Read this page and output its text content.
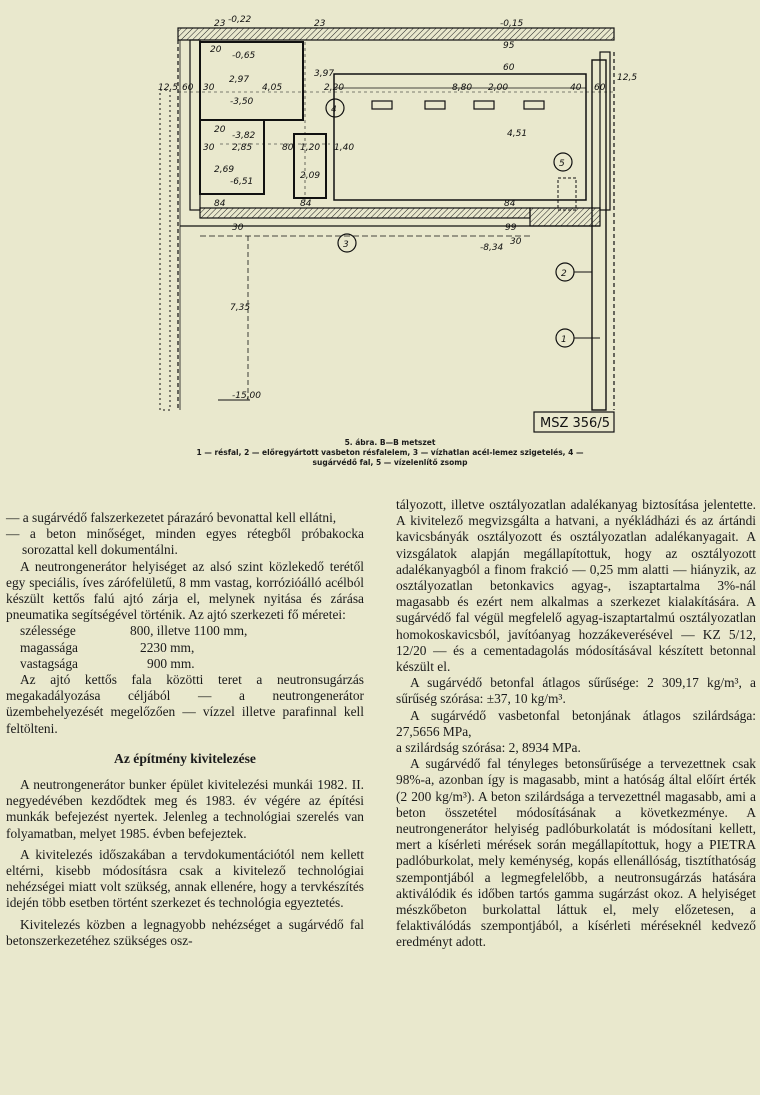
1
2
3
4
5
23 -0,22	23	-0,15
95
20
-0,65
60
12,5
12,5
60 30
2,97
4,05
3,97
2,20	8,80 2,00	40 60
-3,50
20
-3,82
30 2,85	80 1,20 1,40
4,51
2,69
-6,51
2,09
84	84	84
30	99
-8,34
30
7,35
-15,00
MSZ 356/5
5. ábra. B—B metszet
1 — résfal, 2 — előregyártott vasbeton résfalelem, 3 — vízhatlan acél-lemez szigetelés, 4 — sugárvédő fal, 5 — vízelenlítő zsomp

— a sugárvédő falszerkezetet párazáró bevonattal kell ellátni,

— a beton minőséget, minden egyes rétegből próbakocka sorozattal kell dokumentálni.

A neutrongenerátor helyiséget az alsó szint közlekedő terétől egy speciális, íves zárófelületű, 8 mm vastag, korrózióálló acélból készült kettős falú ajtó zárja el, melynek nyitása és zárása pneumatika segítségével történik. Az ajtó szerkezeti fő méretei:

szélessége	800, illetve 1100 mm,
magassága	2230 mm,
vastagsága	900 mm.

Az ajtó kettős fala közötti teret a neutronsugárzás megakadályozása céljából — a neutrongenerátor üzembehelyezését megelőzően — vízzel illetve parafinnal kell feltölteni.

Az építmény kivitelezése

A neutrongenerátor bunker épület kivitelezési munkái 1982. II. negyedévében kezdődtek meg és 1983. év végére az építési munkák befejezést nyertek. Jelenleg a technológiai szerelés van folyamatban, melyet 1985. évben befejeztek.

A kivitelezés időszakában a tervdokumentációtól nem kellett eltérni, kisebb módosításra csak a kivitelező technológiai nehézségei miatt volt szükség, annak ellenére, hogy a tervkészítés idején több esetben történt szerkezet és technológia egyeztetés.

Kivitelezés közben a legnagyobb nehézséget a sugárvédő fal betonszerkezetéhez szükséges osz-

tályozott, illetve osztályozatlan adalékanyag biztosítása jelentette. A kivitelező megvizsgálta a hatvani, a nyékládházi és az ártándi kavicsbányák osztályozott és osztályozatlan adalékanyagait. A vizsgálatok alapján megállapítottuk, hogy az osztályozott adalékanyagból a finom frakció — 0,25 mm alatti — hiányzik, az osztályozatlan betonkavics agyag-, iszaptartalma 3%-nál magasabb és ezért nem alkalmas a szerkezet kialakítására. A sugárvédő fal végül megfelelő agyag-iszaptartalmú osztályozatlan homokoskavicsból, javítóanyag hozzákeverésével — KZ 5/12, 12/20 — és a cementadagolás módosításával készített betonnal készült el.

A sugárvédő betonfal átlagos sűrűsége: 2 309,17 kg/m³, a sűrűség szórása: ±37, 10 kg/m³.

A sugárvédő vasbetonfal betonjának átlagos szilárdsága: 27,5656 MPa,

a szilárdság szórása: 2, 8934 MPa.

A sugárvédő fal tényleges betonsűrűsége a tervezettnek csak 98%-a, azonban így is magasabb, mint a hatóság által előírt érték (2 200 kg/m³). A beton szilárdsága a tervezettnél magasabb, ami a beton összetétel módosításának a következménye. A neutrongenerátor helyiség padlóburkolatát is módosítani kellett, mert a kísérleti mérések során megállapítottuk, hogy a PIETRA padlóburkolat, mely keménység, kopás ellenállóság, tisztíthatóság szempontjából a legmegfelelőbb, a neutronsugárzás hatására aktiválódik és időben tartós gamma sugárzást okoz. A helyiséget mészkőbeton burkolattal láttuk el, mely előzetesen, a felaktiválódás szempontjából, a kísérleti méréseknél kedvező eredményt adott.
